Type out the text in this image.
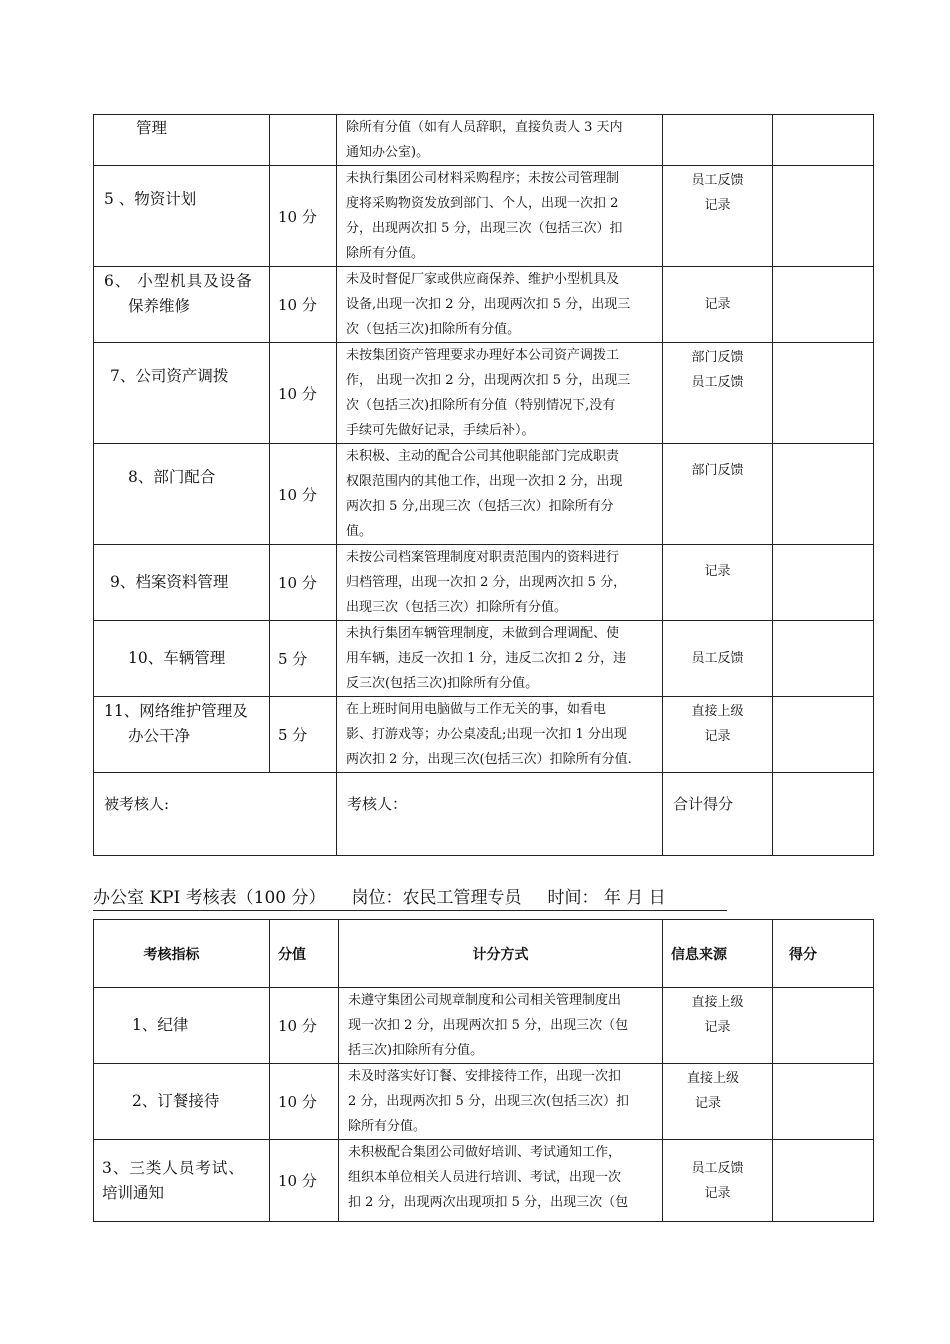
管理		除所有分值（如有人员辞职，直接负责人 3 天内
通知办公室)。		

5 、物资计划	10 分	未执行集团公司材料采购程序；未按公司管理制
度将采购物资发放到部门、个人，出现一次扣 2
分，出现两次扣 5 分，出现三次（包括三次）扣
除所有分值。	员工反馈
记录	

6、 小型机具及设备
保养维修	10 分	未及时督促厂家或供应商保养、维护小型机具及
设备,出现一次扣 2 分，出现两次扣 5 分，出现三
次（包括三次)扣除所有分值。	记录	

7、公司资产调拨	10 分	未按集团资产管理要求办理好本公司资产调拨工
作， 出现一次扣 2 分，出现两次扣 5 分，出现三
次（包括三次)扣除所有分值（特别情况下,没有
手续可先做好记录，手续后补）。	部门反馈
员工反馈	

8、部门配合	10 分	未积极、主动的配合公司其他职能部门完成职责
权限范围内的其他工作，出现一次扣 2 分，出现
两次扣 5 分,出现三次（包括三次）扣除所有分
值。	部门反馈	

9、档案资料管理	10 分	未按公司档案管理制度对职责范围内的资料进行
归档管理，出现一次扣 2 分，出现两次扣 5 分，
出现三次（包括三次）扣除所有分值。	记录	

10、车辆管理	5 分	未执行集团车辆管理制度，未做到合理调配、使
用车辆，违反一次扣 1 分，违反二次扣 2 分，违
反三次(包括三次)扣除所有分值。	员工反馈	

11、网络维护管理及
办公干净	5 分	在上班时间用电脑做与工作无关的事，如看电
影、打游戏等；办公桌凌乱;出现一次扣 1 分出现
两次扣 2 分，出现三次(包括三次）扣除所有分值.	直接上级
记录	

被考核人:		考核人：	合计得分	
办公室 KPI 考核表（100 分） 岗位：农民工管理专员 时间： 年 月 日
考核指标	分值	计分方式	信息来源	得分

1、纪律	10 分	未遵守集团公司规章制度和公司相关管理制度出
现一次扣 2 分，出现两次扣 5 分，出现三次（包
括三次)扣除所有分值。	直接上级
记录	

2、订餐接待	10 分	未及时落实好订餐、安排接待工作，出现一次扣
2 分，出现两次扣 5 分，出现三次(包括三次）扣
除所有分值。	直接上级
记录	

3、三类人员考试、
培训通知	10 分	未积极配合集团公司做好培训、考试通知工作，
组织本单位相关人员进行培训、考试，出现一次
扣 2 分，出现两次出现项扣 5 分，出现三次（包	员工反馈
记录	
